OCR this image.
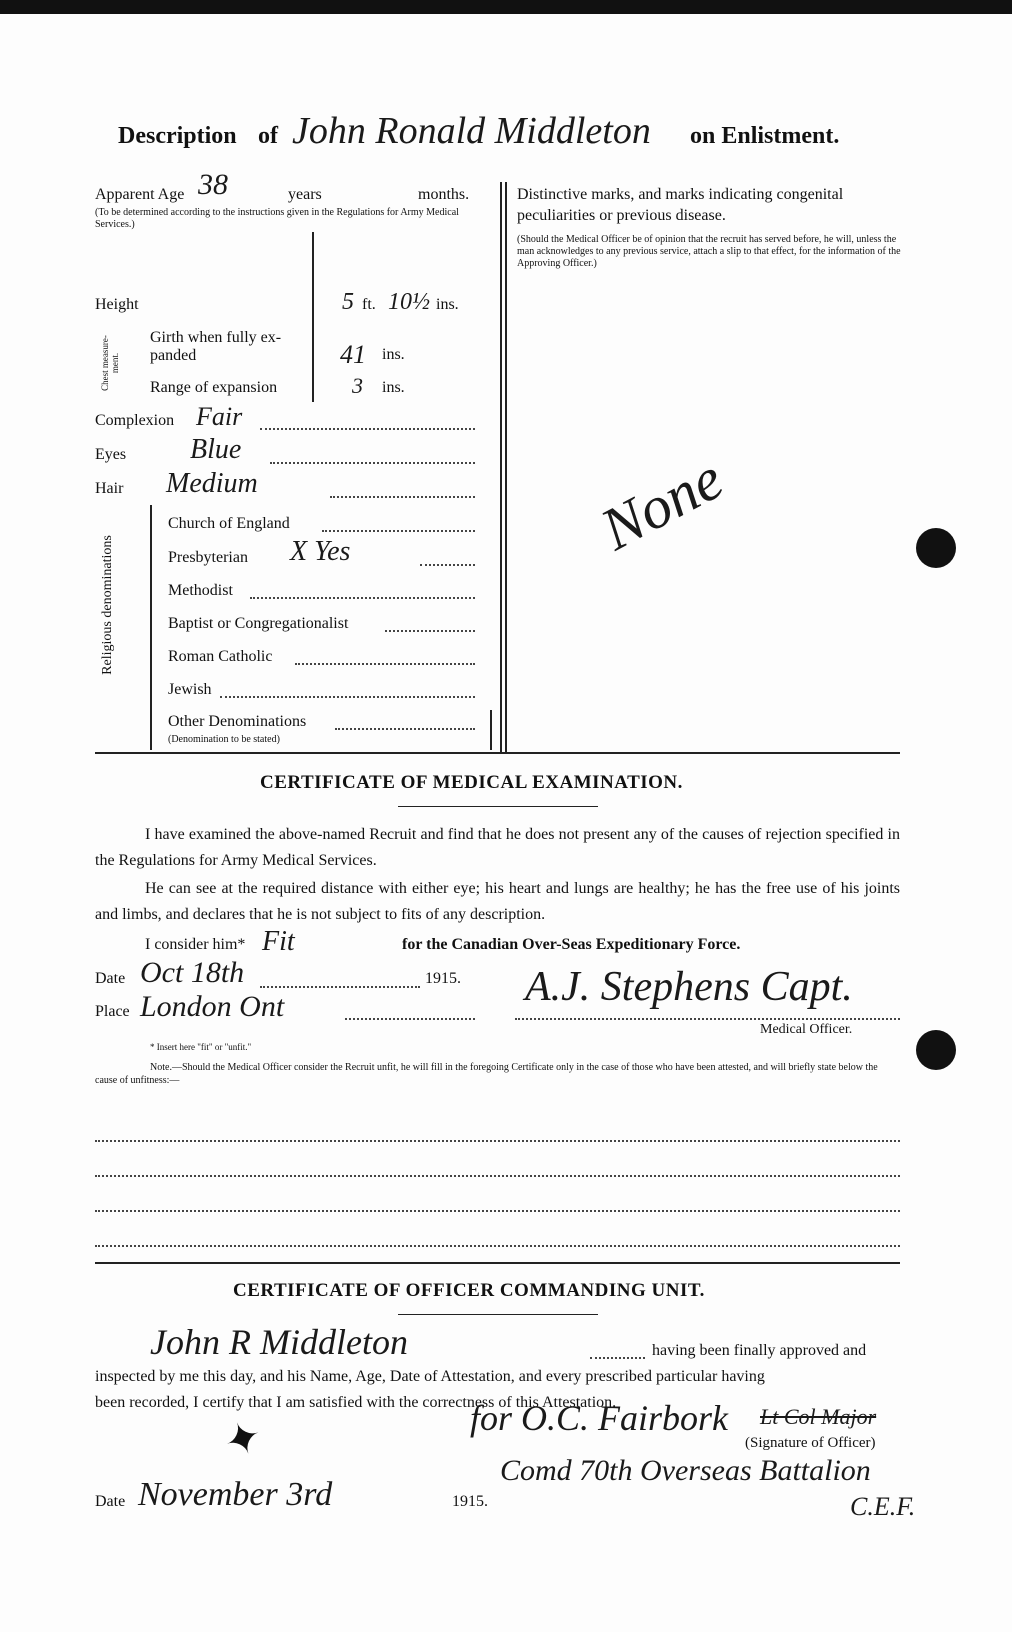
Description of John Ronald Middleton on Enlistment.
Apparent Age 38	years	months.
(To be determined according to the instructions given in the Regulations for Army Medical Services.)
Height	5 ft. 10½ ins.
Chest measure-ment.
Girth when fully ex-panded	41 ins.
Range of expansion	3 ins.
Complexion Fair
Eyes Blue
Hair Medium
Religious denominations
Church of England
Presbyterian X Yes
Methodist
Baptist or Congregationalist
Roman Catholic
Jewish
Other Denominations
(Denomination to be stated)
Distinctive marks, and marks indicating congenital peculiarities or previous disease.
(Should the Medical Officer be of opinion that the recruit has served before, he will, unless the man acknowledges to any previous service, attach a slip to that effect, for the information of the Approving Officer.)
None
CERTIFICATE OF MEDICAL EXAMINATION.

I have examined the above-named Recruit and find that he does not present any of the causes of rejection specified in the Regulations for Army Medical Services.

He can see at the required distance with either eye; his heart and lungs are healthy; he has the free use of his joints and limbs, and declares that he is not subject to fits of any description.

I consider him* Fit	for the Canadian Over-Seas Expeditionary Force.
Date Oct 18th	1915.
Place London Ont	A.J. Stephens Capt.
Medical Officer.
* Insert here "fit" or "unfit."
Note.—Should the Medical Officer consider the Recruit unfit, he will fill in the foregoing Certificate only in the case of those who have been attested, and will briefly state below the cause of unfitness:—
CERTIFICATE OF OFFICER COMMANDING UNIT.
John R Middleton	having been finally approved and
inspected by me this day, and his Name, Age, Date of Attestation, and every prescribed particular having
been recorded, I certify that I am satisfied with the correctness of this Attestation.
✦	for O.C. Fairbork Lt Col Major
(Signature of Officer)
Comd 70th Overseas Battalion
C.E.F.
Date November 3rd	1915.
